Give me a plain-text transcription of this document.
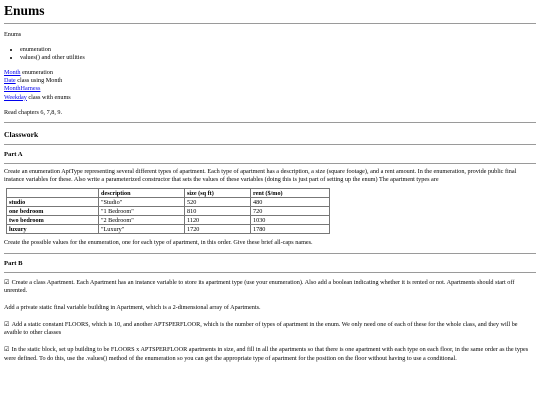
Enums

Enums

• enumeration
• values() and other utilities
Month enumeration
Date class using Month
MonthHarness
Weekday class with enums

Read chapters 6, 7,8, 9.

Classwork
Part A

Create an enumeration AptType representing several different types of apartment. Each type of apartment has a description, a size (square footage), and a rent amount. In the enumeration, provide public final instance variables for these. Also write a parameterized constructor that sets the values of these variables (doing this is just part of setting up the enum) The apartment types are

	description	size (sq ft)	rent ($/mo)
studio	"Studio"	520	480
one bedroom	"1 Bedroom"	810	720
two bedroom	"2 Bedroom"	1120	1030
luxury	"Luxury"	1720	1780

Create the possible values for the enumeration, one for each type of apartment, in this order. Give these brief all-caps names.

Part B

☑ Create a class Apartment. Each Apartment has an instance variable to store its apartment type (use your enumeration). Also add a boolean indicating whether it is rented or not. Apartments should start off unrented.

Add a private static final variable building in Apartment, which is a 2-dimensional array of Apartments.

☑ Add a static constant FLOORS, which is 10, and another APTSPERFLOOR, which is the number of types of apartment in the enum. We only need one of each of these for the whole class, and they will be avaible to other classes

☑ In the static block, set up building to be FLOORS x APTSPERFLOOR apartments in size, and fill in all the apartments so that there is one apartment with each type on each floor, in the same order as the types were defined. To do this, use the .values() method of the enumeration so you can get the appropriate type of apartment for the position on the floor without having to use a conditional.
